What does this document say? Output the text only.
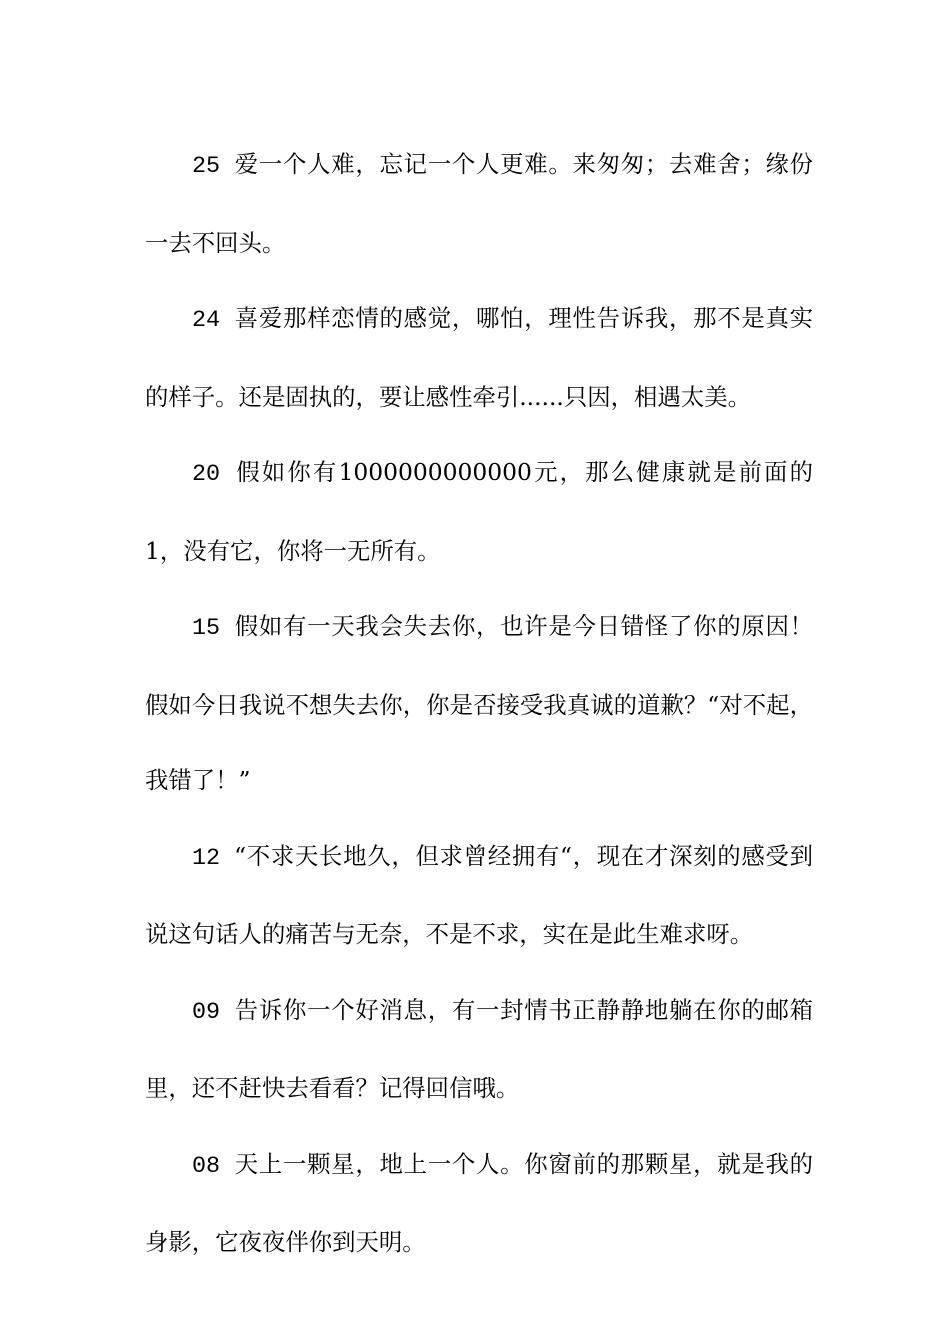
25 爱一个人难，忘记一个人更难。来匆匆；去难舍；缘份一去不回头。

24 喜爱那样恋情的感觉，哪怕，理性告诉我，那不是真实的样子。还是固执的，要让感性牵引......只因，相遇太美。

20 假如你有1000000000000元，那么健康就是前面的1，没有它，你将一无所有。

15 假如有一天我会失去你，也许是今日错怪了你的原因！假如今日我说不想失去你，你是否接受我真诚的道歉？“对不起，我错了！”

12 “不求天长地久，但求曾经拥有“，现在才深刻的感受到说这句话人的痛苦与无奈，不是不求，实在是此生难求呀。

09 告诉你一个好消息，有一封情书正静静地躺在你的邮箱里，还不赶快去看看？记得回信哦。

08 天上一颗星，地上一个人。你窗前的那颗星，就是我的身影，它夜夜伴你到天明。
